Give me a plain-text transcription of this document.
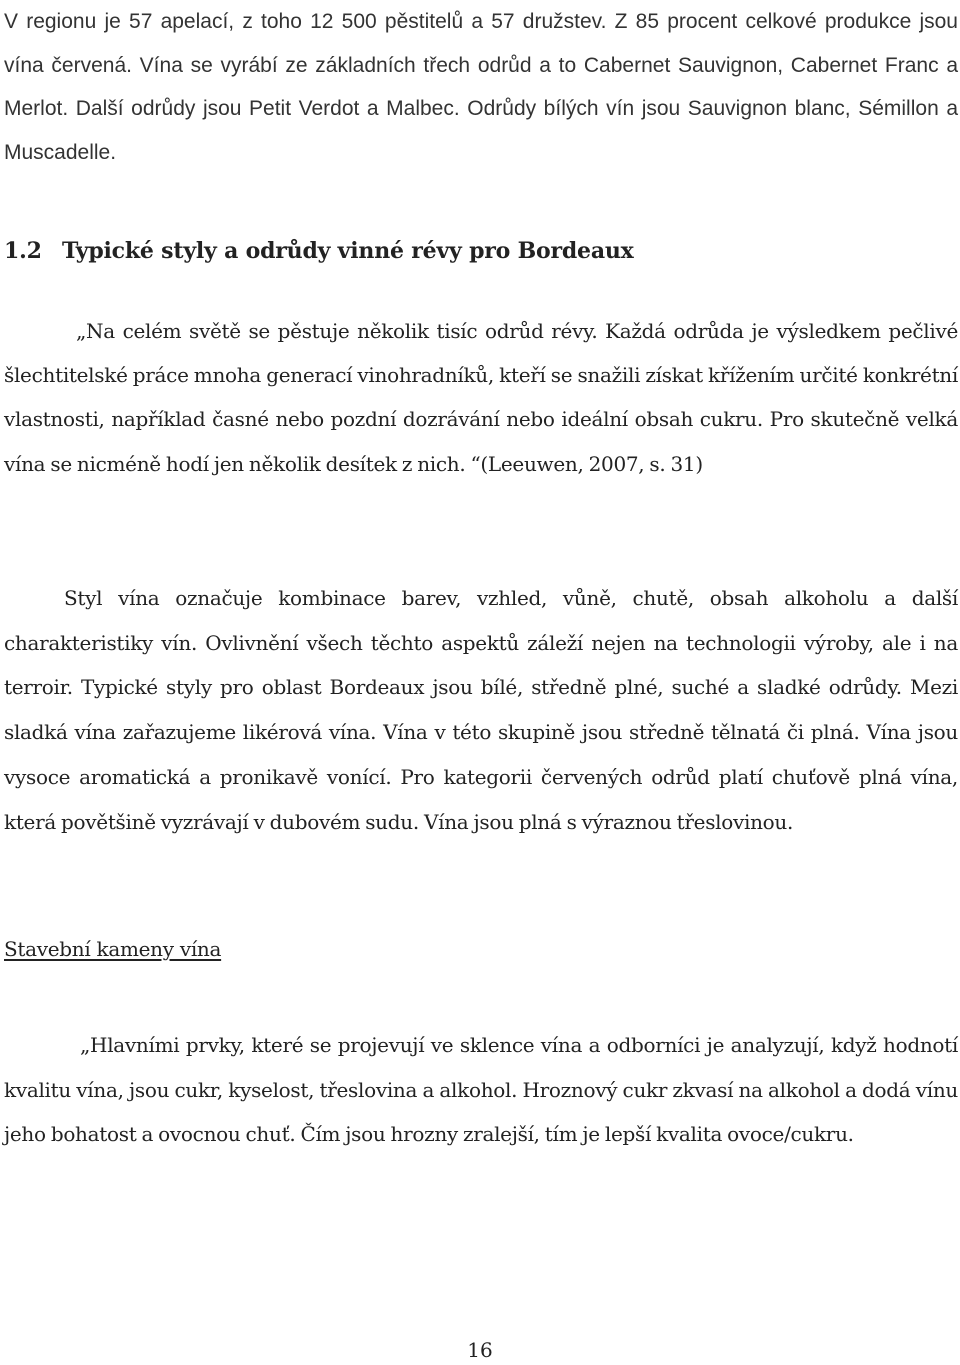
V regionu je 57 apelací, z toho 12 500 pěstitelů a 57 družstev. Z 85 procent celkové produkce jsou vína červená. Vína se vyrábí ze základních třech odrůd a to Cabernet Sauvignon, Cabernet Franc a Merlot. Další odrůdy jsou Petit Verdot a Malbec. Odrůdy bílých vín jsou Sauvignon blanc, Sémillon a Muscadelle.

1.2 Typické styly a odrůdy vinné révy pro Bordeaux

„Na celém světě se pěstuje několik tisíc odrůd révy. Každá odrůda je výsledkem pečlivé šlechtitelské práce mnoha generací vinohradníků, kteří se snažili získat křížením určité konkrétní vlastnosti, například časné nebo pozdní dozrávání nebo ideální obsah cukru. Pro skutečně velká vína se nicméně hodí jen několik desítek z nich. “(Leeuwen, 2007, s. 31)

Styl vína označuje kombinace barev, vzhled, vůně, chutě, obsah alkoholu a další charakteristiky vín. Ovlivnění všech těchto aspektů záleží nejen na technologii výroby, ale i na terroir. Typické styly pro oblast Bordeaux jsou bílé, středně plné, suché a sladké odrůdy. Mezi sladká vína zařazujeme likérová vína. Vína v této skupině jsou středně tělnatá či plná. Vína jsou vysoce aromatická a pronikavě vonící. Pro kategorii červených odrůd platí chuťově plná vína, která povětšině vyzrávají v dubovém sudu. Vína jsou plná s výraznou třeslovinou.

Stavební kameny vína

„Hlavními prvky, které se projevují ve sklence vína a odborníci je analyzují, když hodnotí kvalitu vína, jsou cukr, kyselost, třeslovina a alkohol. Hroznový cukr zkvasí na alkohol a dodá vínu jeho bohatost a ovocnou chuť. Čím jsou hrozny zralejší, tím je lepší kvalita ovoce/cukru.

16
